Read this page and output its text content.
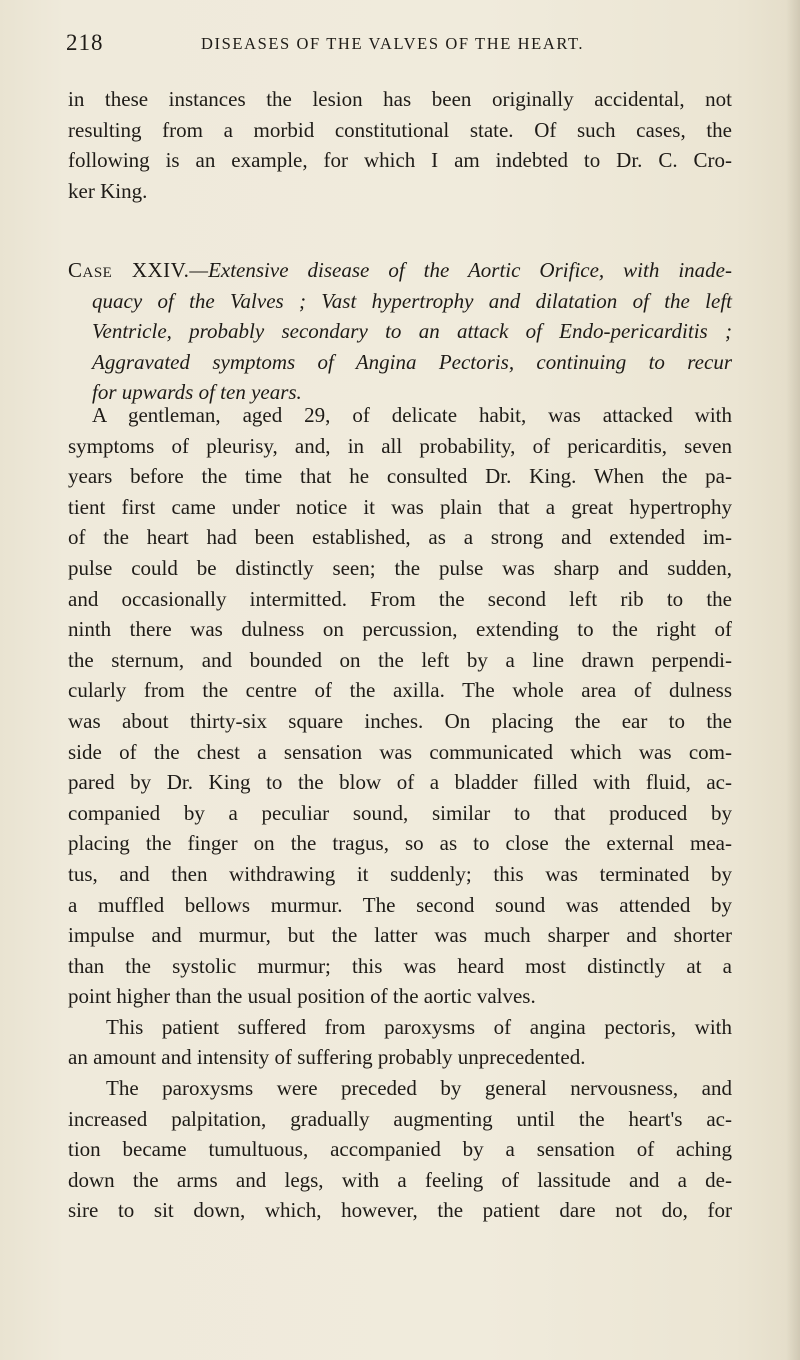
218	DISEASES OF THE VALVES OF THE HEART.
in these instances the lesion has been originally accidental, not
resulting from a morbid constitutional state. Of such cases, the
following is an example, for which I am indebted to Dr. C. Cro-
ker King.
Case XXIV.—Extensive disease of the Aortic Orifice, with inade-
quacy of the Valves ; Vast hypertrophy and dilatation of the left
Ventricle, probably secondary to an attack of Endo-pericarditis ;
Aggravated symptoms of Angina Pectoris, continuing to recur
for upwards of ten years.
A gentleman, aged 29, of delicate habit, was attacked with
symptoms of pleurisy, and, in all probability, of pericarditis, seven
years before the time that he consulted Dr. King. When the pa-
tient first came under notice it was plain that a great hypertrophy
of the heart had been established, as a strong and extended im-
pulse could be distinctly seen; the pulse was sharp and sudden,
and occasionally intermitted. From the second left rib to the
ninth there was dulness on percussion, extending to the right of
the sternum, and bounded on the left by a line drawn perpendi-
cularly from the centre of the axilla. The whole area of dulness
was about thirty-six square inches. On placing the ear to the
side of the chest a sensation was communicated which was com-
pared by Dr. King to the blow of a bladder filled with fluid, ac-
companied by a peculiar sound, similar to that produced by
placing the finger on the tragus, so as to close the external mea-
tus, and then withdrawing it suddenly; this was terminated by
a muffled bellows murmur. The second sound was attended by
impulse and murmur, but the latter was much sharper and shorter
than the systolic murmur; this was heard most distinctly at a
point higher than the usual position of the aortic valves.
This patient suffered from paroxysms of angina pectoris, with
an amount and intensity of suffering probably unprecedented.
The paroxysms were preceded by general nervousness, and
increased palpitation, gradually augmenting until the heart's ac-
tion became tumultuous, accompanied by a sensation of aching
down the arms and legs, with a feeling of lassitude and a de-
sire to sit down, which, however, the patient dare not do, for
